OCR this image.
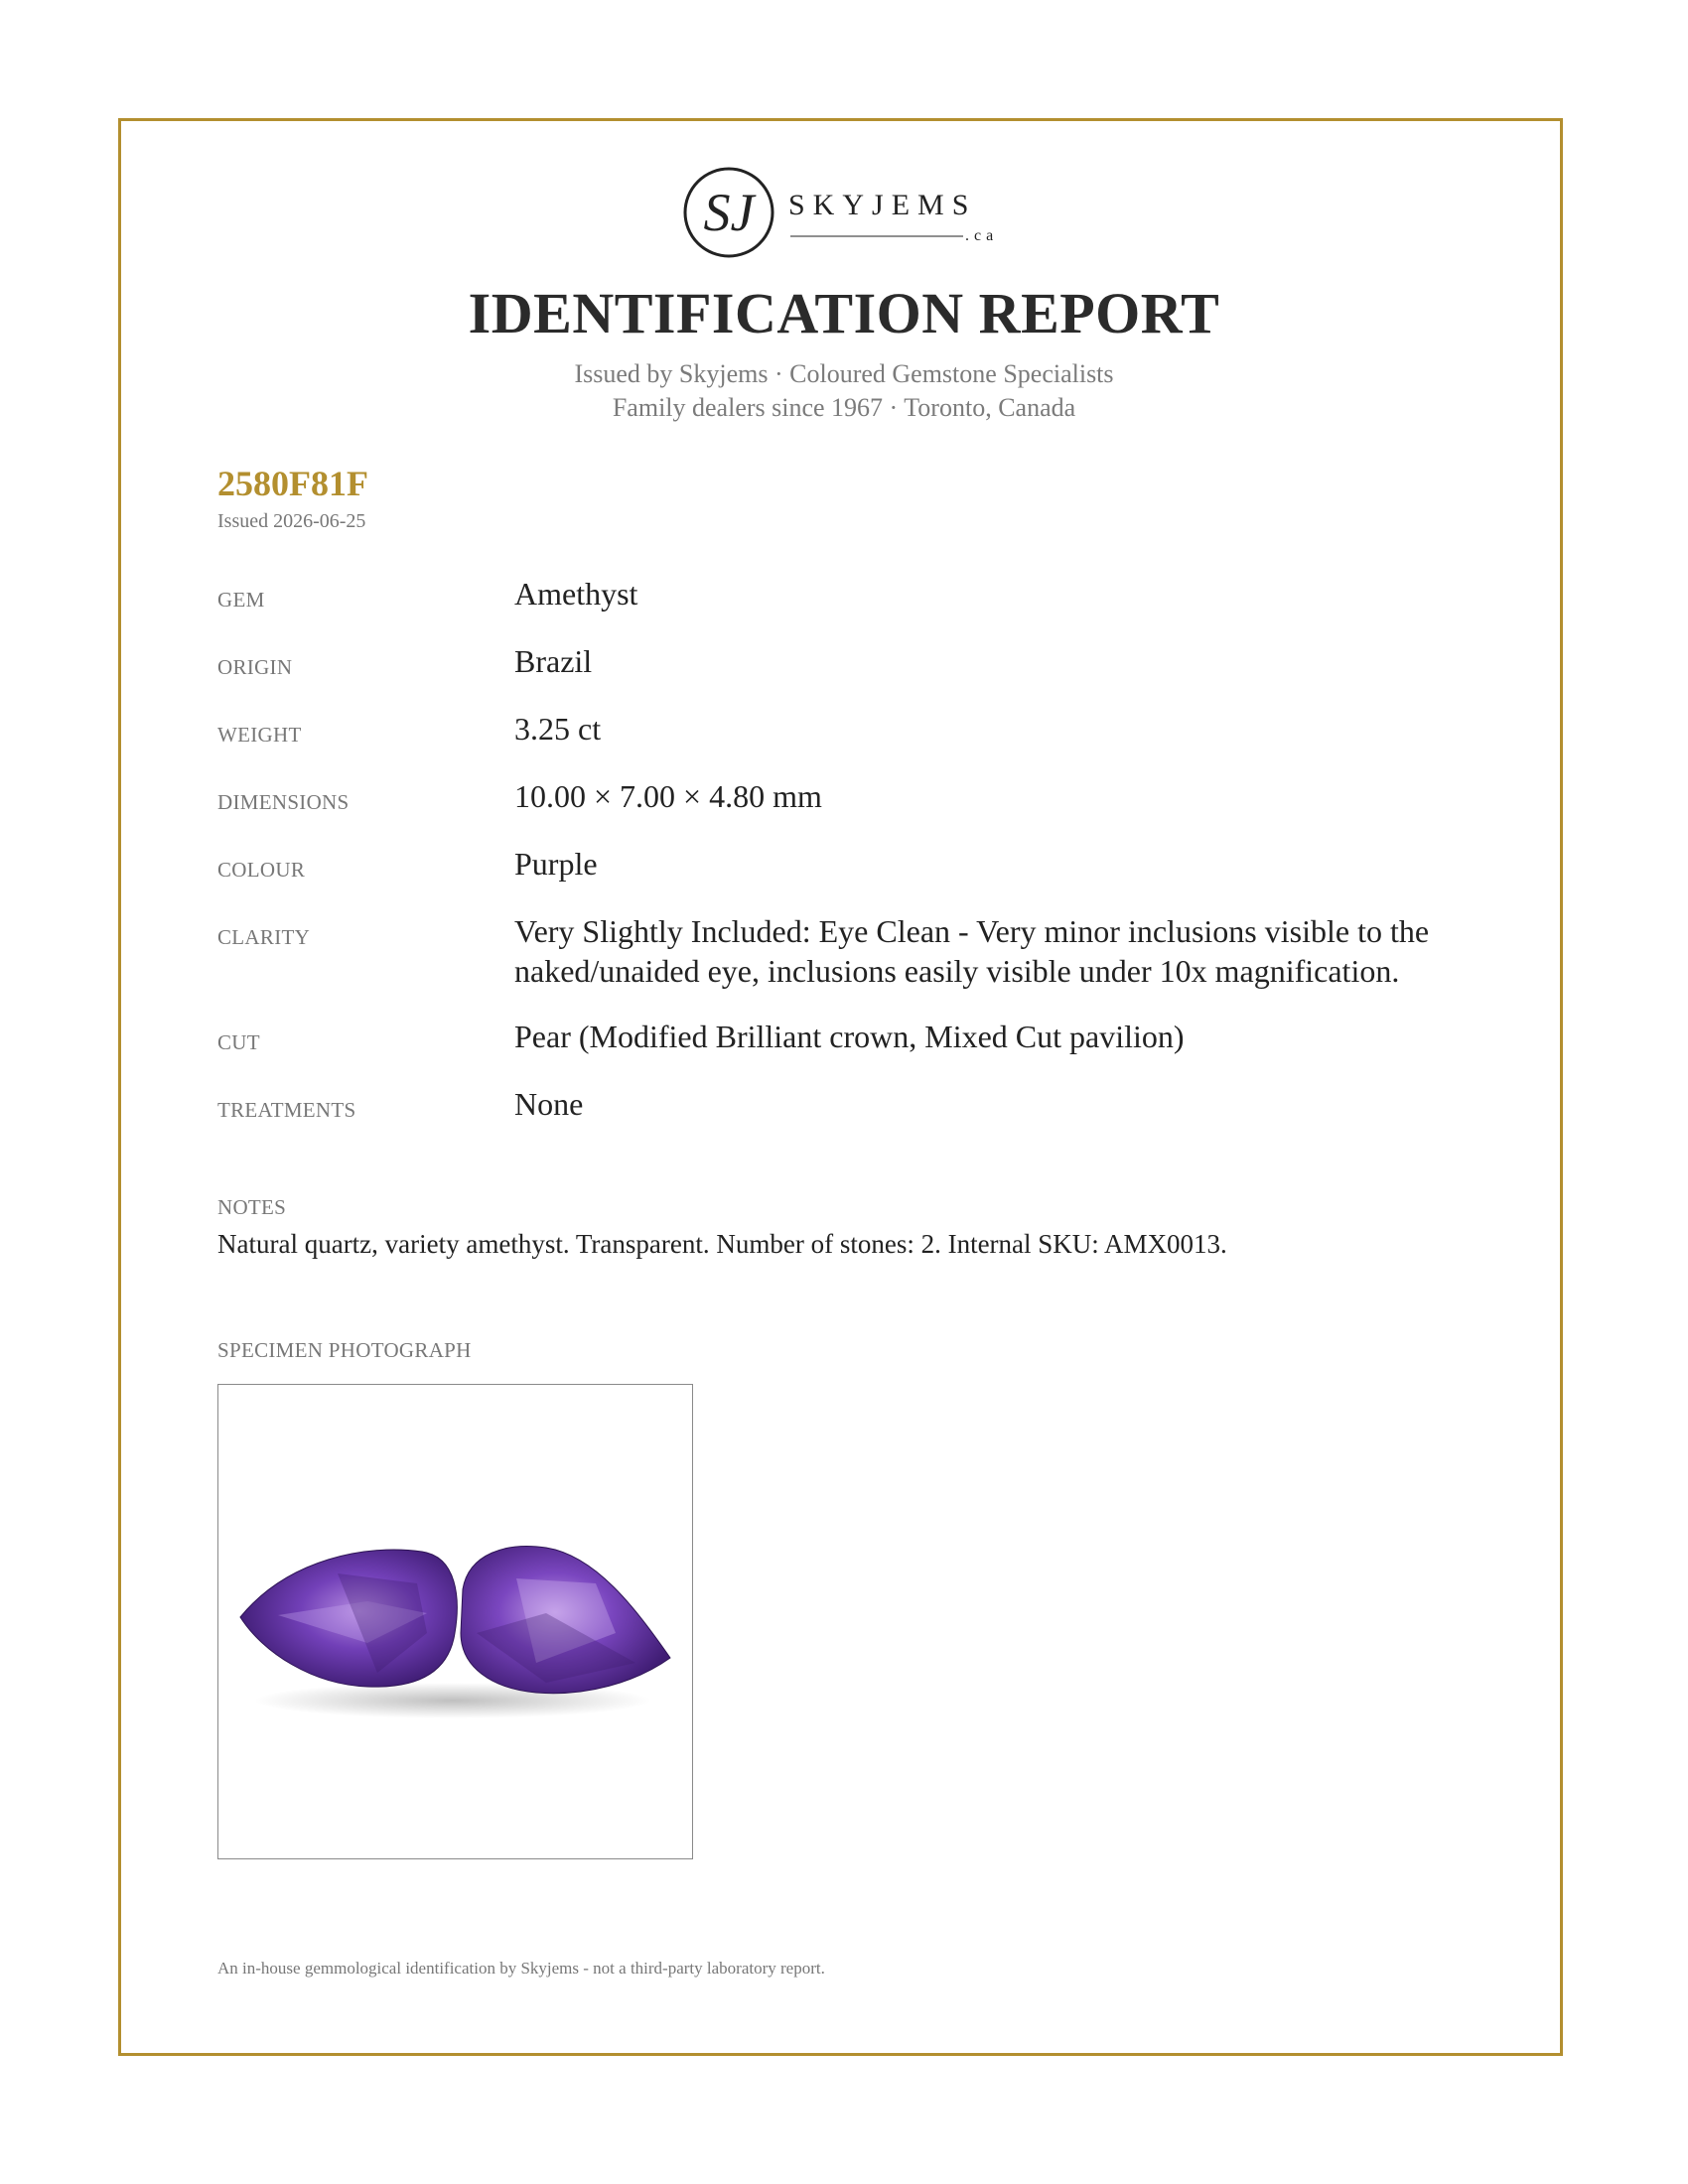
SJ SKYJEMS
.ca
IDENTIFICATION REPORT
Issued by Skyjems · Coloured Gemstone Specialists
Family dealers since 1967 · Toronto, Canada
2580F81F
Issued 2026-06-25
GEM	Amethyst
ORIGIN	Brazil
WEIGHT	3.25 ct
DIMENSIONS	10.00 × 7.00 × 4.80 mm
COLOUR	Purple
CLARITY	Very Slightly Included: Eye Clean - Very minor inclusions visible to the
naked/unaided eye, inclusions easily visible under 10x magnification.
CUT	Pear (Modified Brilliant crown, Mixed Cut pavilion)
TREATMENTS	None
NOTES
Natural quartz, variety amethyst. Transparent. Number of stones: 2. Internal SKU: AMX0013.
SPECIMEN PHOTOGRAPH
An in-house gemmological identification by Skyjems - not a third-party laboratory report.
